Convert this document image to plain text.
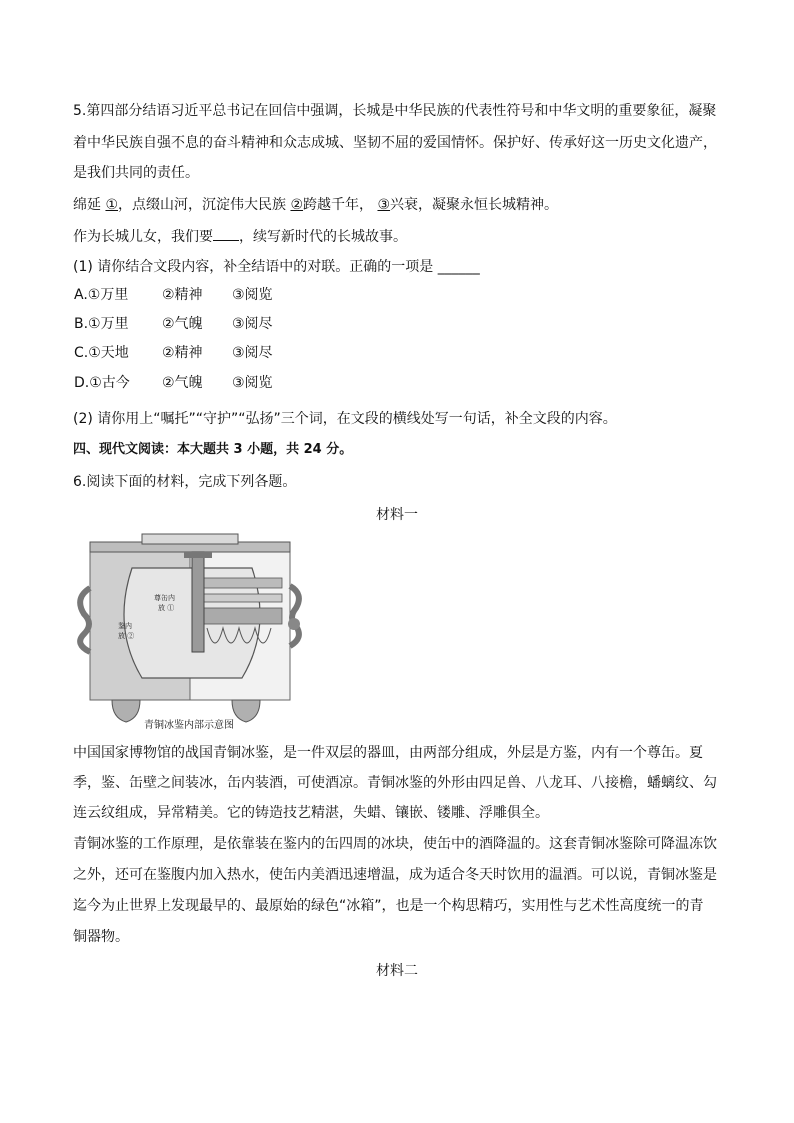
5.第四部分结语习近平总书记在回信中强调，长城是中华民族的代表性符号和中华文明的重要象征，凝聚
着中华民族自强不息的奋斗精神和众志成城、坚韧不屈的爱国情怀。保护好、传承好这一历史文化遗产，
是我们共同的责任。
绵延 ①，点缀山河，沉淀伟大民族 ②跨越千年， ③兴衰，凝聚永恒长城精神。
作为长城儿女，我们要 ，续写新时代的长城故事。
(1) 请你结合文段内容，补全结语中的对联。正确的一项是 ______
A.①万里 ②精神 ③阅览
B.①万里 ②气魄 ③阅尽
C.①天地 ②精神 ③阅尽
D.①古今 ②气魄 ③阅览
(2) 请你用上“嘱托”“守护”“弘扬”三个词，在文段的横线处写一句话，补全文段的内容。
四、现代文阅读：本大题共 3 小题，共 24 分。
6.阅读下面的材料，完成下列各题。
材料一
尊缶内
放 ①
鉴内
放 ②
青铜冰鉴内部示意图
中国国家博物馆的战国青铜冰鉴，是一件双层的器皿，由两部分组成，外层是方鉴，内有一个尊缶。夏
季，鉴、缶壁之间装冰，缶内装酒，可使酒凉。青铜冰鉴的外形由四足兽、八龙耳、八接檐，蟠螭纹、勾
连云纹组成，异常精美。它的铸造技艺精湛，失蜡、镶嵌、镂雕、浮雕俱全。
青铜冰鉴的工作原理，是依靠装在鉴内的缶四周的冰块，使缶中的酒降温的。这套青铜冰鉴除可降温冻饮
之外，还可在鉴腹内加入热水，使缶内美酒迅速增温，成为适合冬天时饮用的温酒。可以说，青铜冰鉴是
迄今为止世界上发现最早的、最原始的绿色“冰箱”，也是一个构思精巧，实用性与艺术性高度统一的青
铜器物。
材料二
